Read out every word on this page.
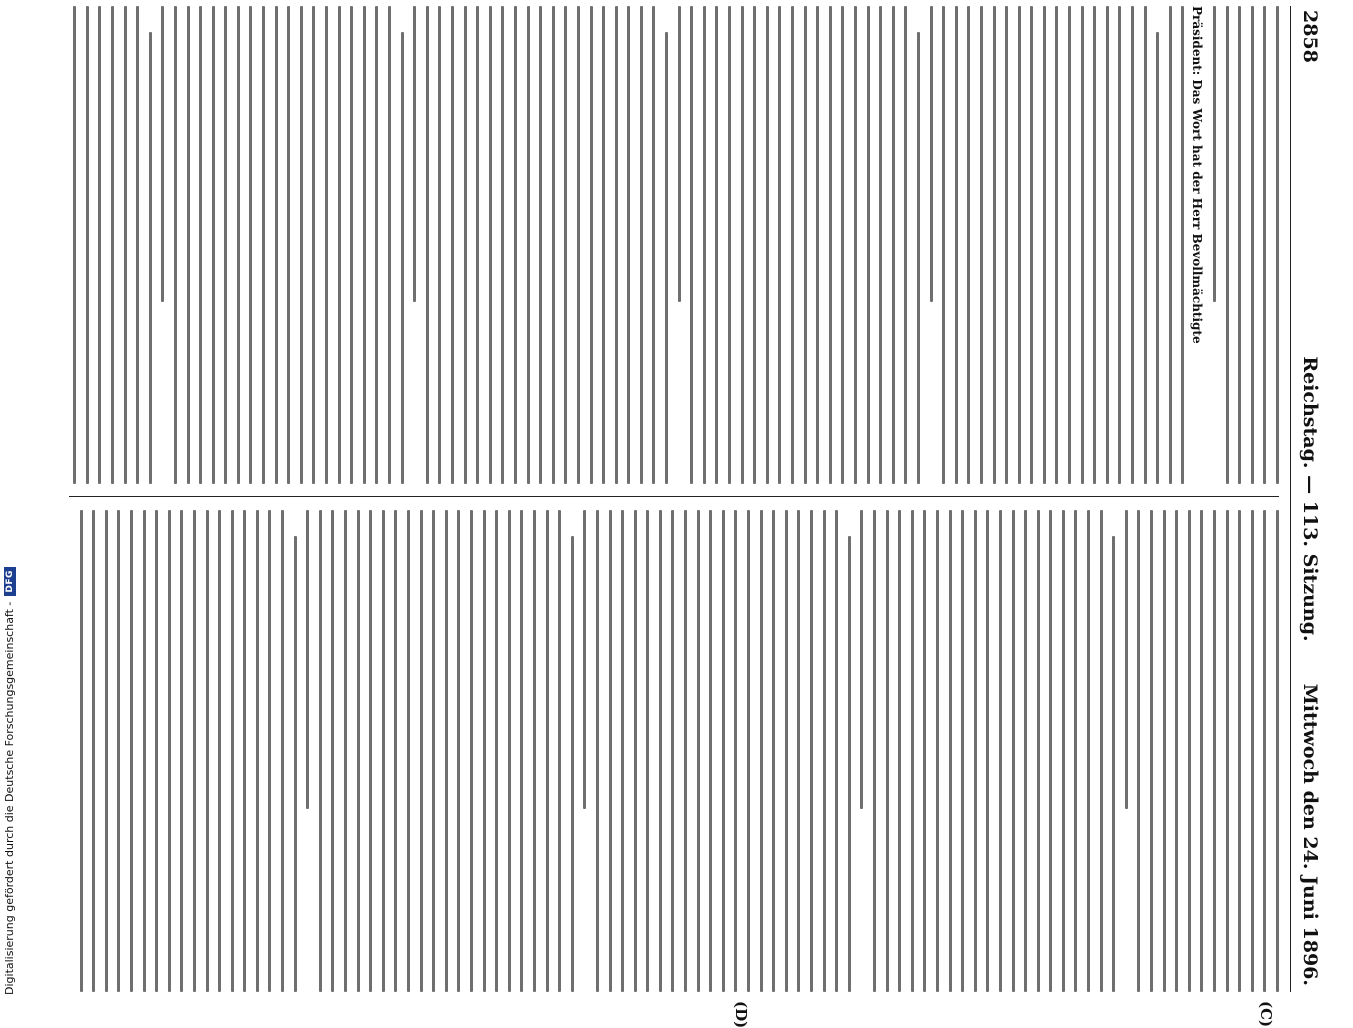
Digitalisierung gefördert durch die Deutsche Forschungsgemeinschaft -
DFG
2858
Reichstag. — 113. Sitzung.
Mittwoch den 24. Juni 1896.
(C)
(D)
Präsident: Das Wort hat der Herr Bevollmächtigte
